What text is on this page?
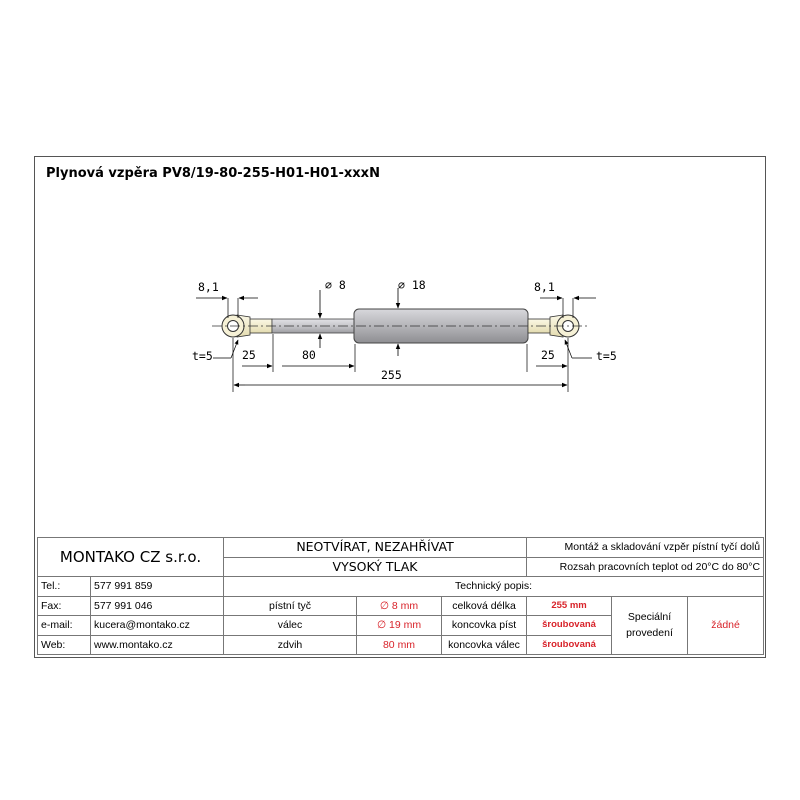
Plynová vzpěra PV8/19-80-255-H01-H01-xxxN
8,1	8,1
⌀ 8	⌀ 18
t=5	t=5
25	80	25
255
MONTAKO CZ s.r.o.		NEOTVÍRAT, NEZAHŘÍVAT			Montáž a skladování vzpěr pístní tyčí dolů		
		VYSOKÝ TLAK			Rozsah pracovních teplot od 20°C do 80°C		
Tel.:	577 991 859	Technický popis:					
Fax:	577 991 046	pístní tyč	∅ 8 mm	celková délka	255 mm	Speciální provedení	žádné
e-mail:	kucera@montako.cz	válec	∅ 19 mm	koncovka píst	šroubovaná		
Web:	www.montako.cz	zdvih	80 mm	koncovka válec	šroubovaná		
